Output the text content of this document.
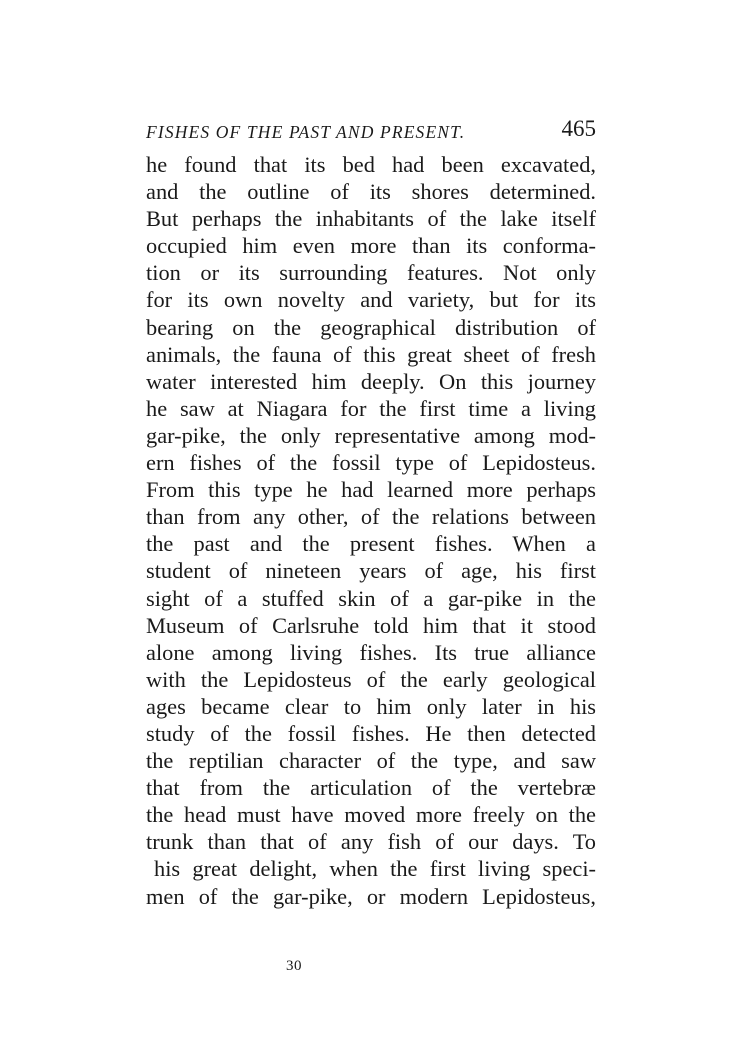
FISHES OF THE PAST AND PRESENT.	465
he found that its bed had been excavated,
and the outline of its shores determined.
But perhaps the inhabitants of the lake itself
occupied him even more than its conforma-
tion or its surrounding features. Not only
for its own novelty and variety, but for its
bearing on the geographical distribution of
animals, the fauna of this great sheet of fresh
water interested him deeply. On this journey
he saw at Niagara for the first time a living
gar-pike, the only representative among mod-
ern fishes of the fossil type of Lepidosteus.
From this type he had learned more perhaps
than from any other, of the relations between
the past and the present fishes. When a
student of nineteen years of age, his first
sight of a stuffed skin of a gar-pike in the
Museum of Carlsruhe told him that it stood
alone among living fishes. Its true alliance
with the Lepidosteus of the early geological
ages became clear to him only later in his
study of the fossil fishes. He then detected
the reptilian character of the type, and saw
that from the articulation of the vertebræ
the head must have moved more freely on the
trunk than that of any fish of our days. To
his great delight, when the first living speci-
men of the gar-pike, or modern Lepidosteus,
30
